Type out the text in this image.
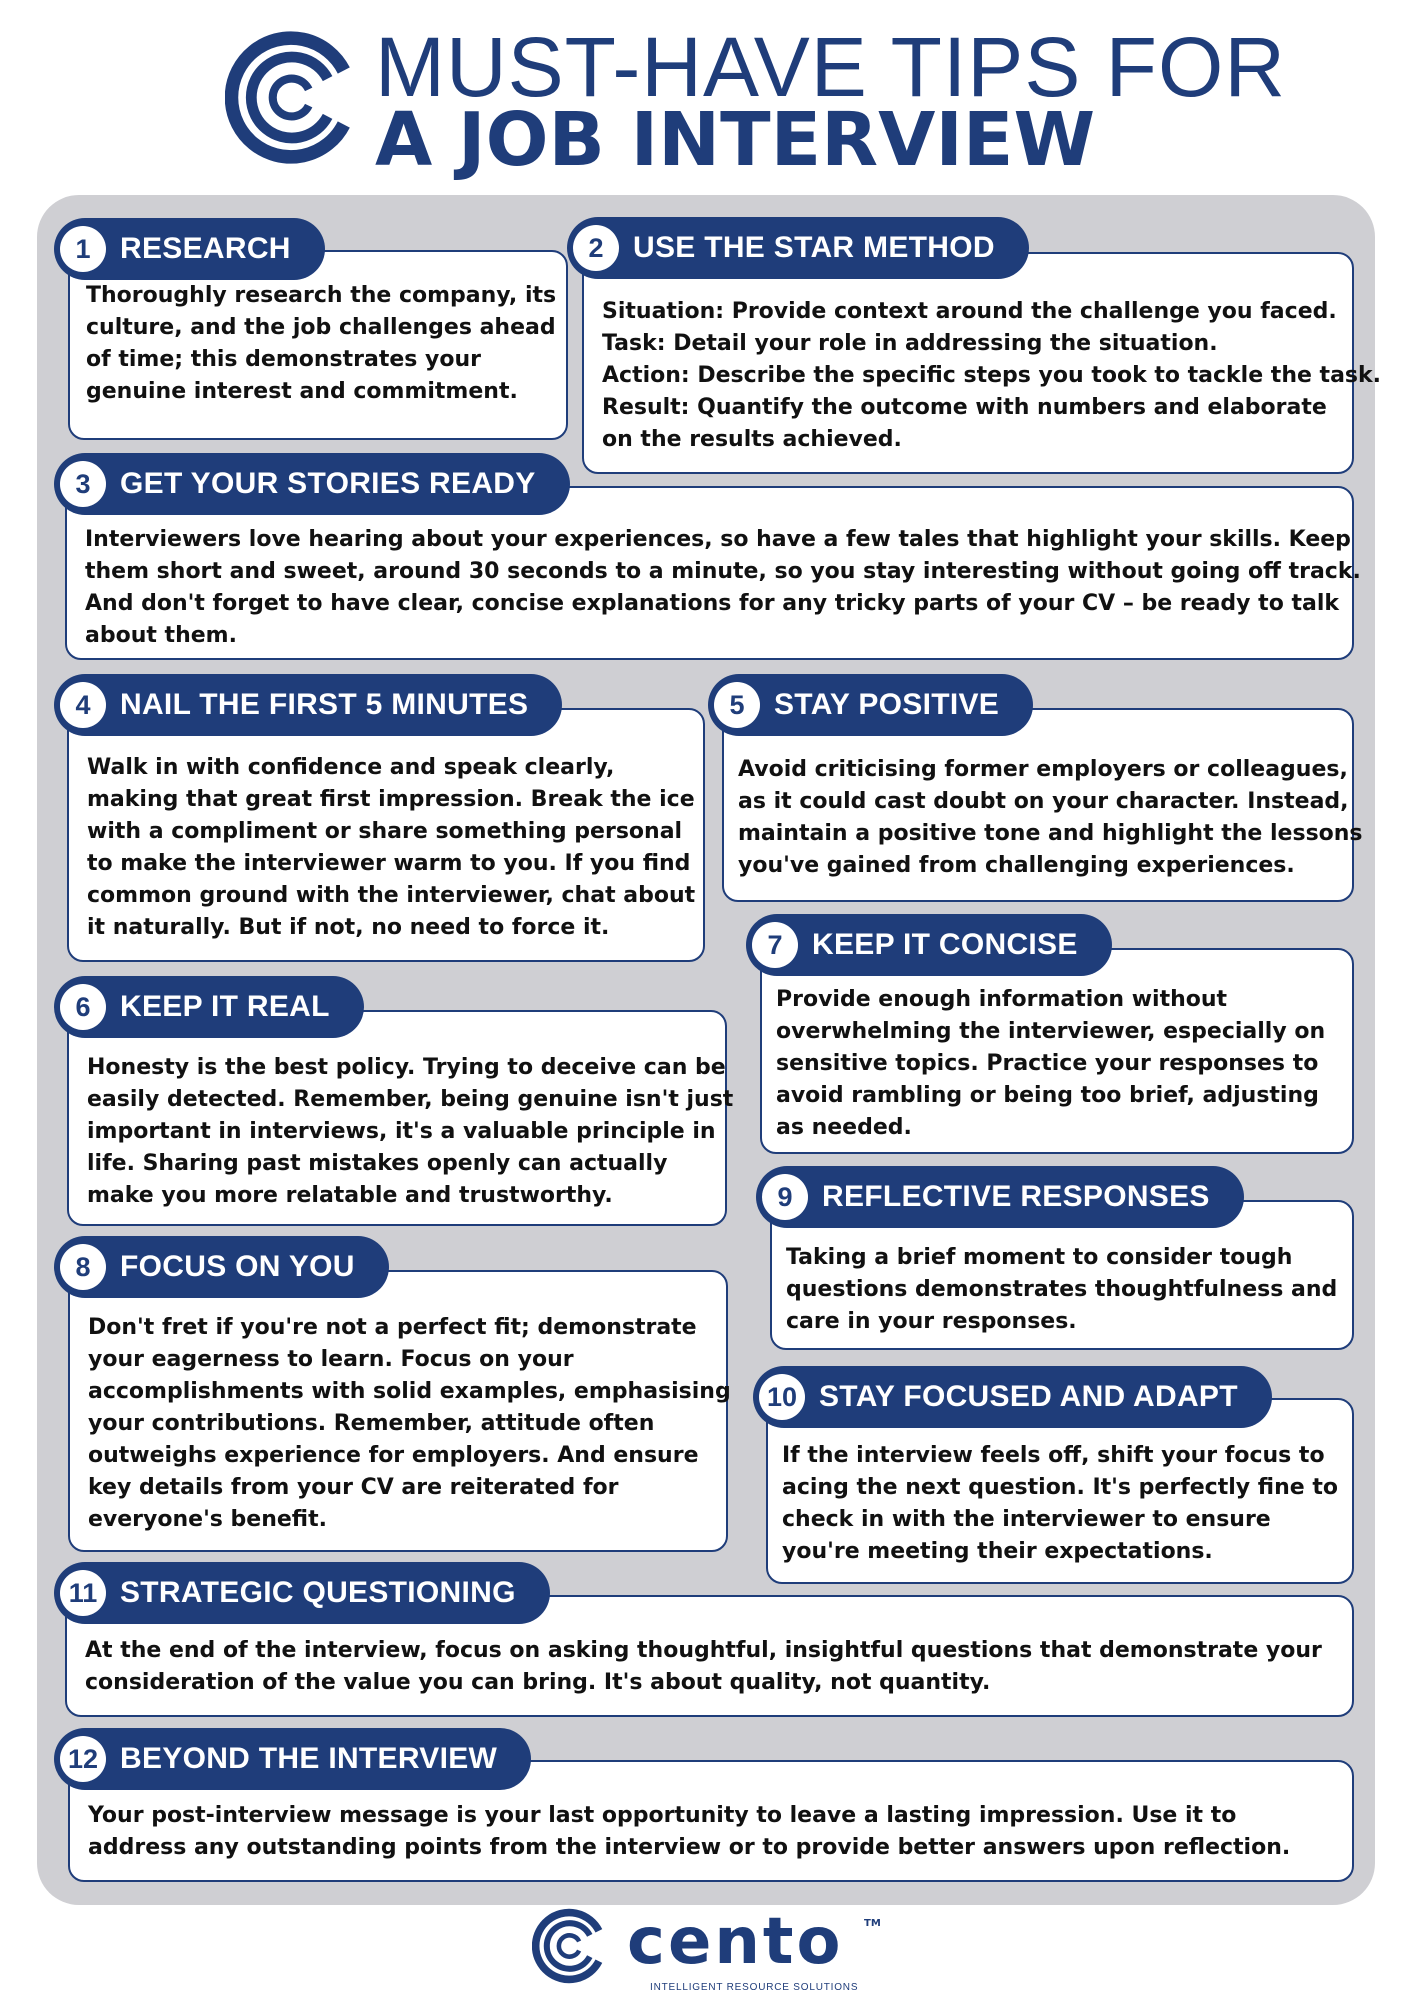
MUST-HAVE TIPS FOR
A JOB INTERVIEW
Thoroughly research the company, its
culture, and the job challenges ahead
of time; this demonstrates your
genuine interest and commitment.
1 RESEARCH
Situation: Provide context around the challenge you faced.
Task: Detail your role in addressing the situation.
Action: Describe the specific steps you took to tackle the task.
Result: Quantify the outcome with numbers and elaborate
on the results achieved.
2 USE THE STAR METHOD
Interviewers love hearing about your experiences, so have a few tales that highlight your skills. Keep
them short and sweet, around 30 seconds to a minute, so you stay interesting without going off track.
And don't forget to have clear, concise explanations for any tricky parts of your CV – be ready to talk
about them.
3 GET YOUR STORIES READY
Walk in with confidence and speak clearly,
making that great first impression. Break the ice
with a compliment or share something personal
to make the interviewer warm to you. If you find
common ground with the interviewer, chat about
it naturally. But if not, no need to force it.
4 NAIL THE FIRST 5 MINUTES
Avoid criticising former employers or colleagues,
as it could cast doubt on your character. Instead,
maintain a positive tone and highlight the lessons
you've gained from challenging experiences.
5 STAY POSITIVE
Provide enough information without
overwhelming the interviewer, especially on
sensitive topics. Practice your responses to
avoid rambling or being too brief, adjusting
as needed.
7 KEEP IT CONCISE
Honesty is the best policy. Trying to deceive can be
easily detected. Remember, being genuine isn't just
important in interviews, it's a valuable principle in
life. Sharing past mistakes openly can actually
make you more relatable and trustworthy.
6 KEEP IT REAL
Taking a brief moment to consider tough
questions demonstrates thoughtfulness and
care in your responses.
9 REFLECTIVE RESPONSES
Don't fret if you're not a perfect fit; demonstrate
your eagerness to learn. Focus on your
accomplishments with solid examples, emphasising
your contributions. Remember, attitude often
outweighs experience for employers. And ensure
key details from your CV are reiterated for
everyone's benefit.
8 FOCUS ON YOU
If the interview feels off, shift your focus to
acing the next question. It's perfectly fine to
check in with the interviewer to ensure
you're meeting their expectations.
10 STAY FOCUSED AND ADAPT
At the end of the interview, focus on asking thoughtful, insightful questions that demonstrate your
consideration of the value you can bring. It's about quality, not quantity.
11 STRATEGIC QUESTIONING
Your post-interview message is your last opportunity to leave a lasting impression. Use it to
address any outstanding points from the interview or to provide better answers upon reflection.
12 BEYOND THE INTERVIEW
cento TM
INTELLIGENT RESOURCE SOLUTIONS
